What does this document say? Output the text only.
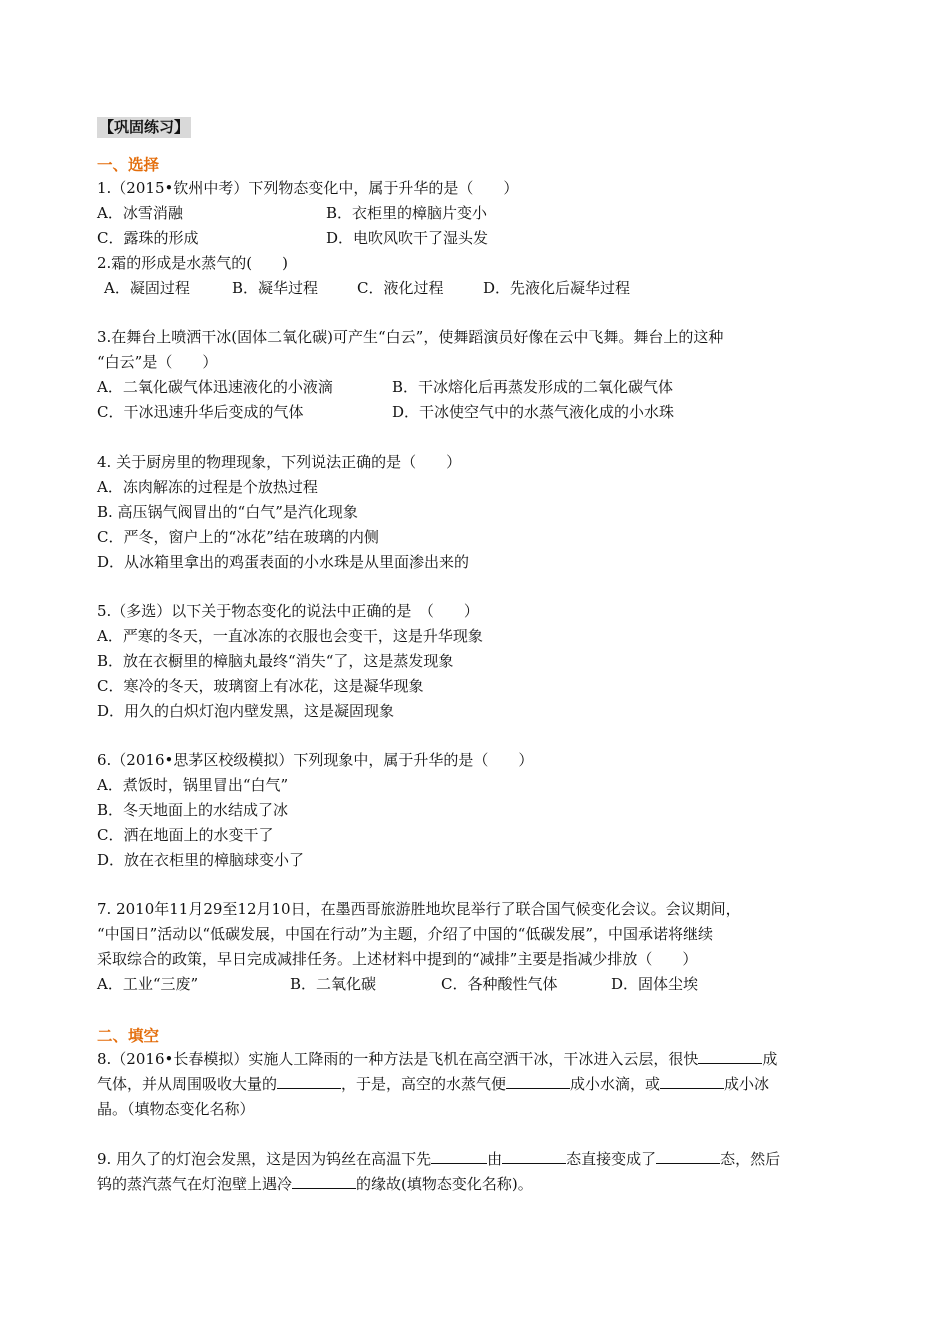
【巩固练习】
一、选择
1.（2015•钦州中考）下列物态变化中，属于升华的是（　　）
A．冰雪消融	B．衣柜里的樟脑片变小
C．露珠的形成	D．电吹风吹干了湿头发
2.霜的形成是水蒸气的(　　)
A．凝固过程	B．凝华过程	C．液化过程	D．先液化后凝华过程
3.在舞台上喷洒干冰(固体二氧化碳)可产生“白云”，使舞蹈演员好像在云中飞舞。舞台上的这种
“白云”是（　　）
A．二氧化碳气体迅速液化的小液滴	B．干冰熔化后再蒸发形成的二氧化碳气体
C．干冰迅速升华后变成的气体	D．干冰使空气中的水蒸气液化成的小水珠
4. 关于厨房里的物理现象，下列说法正确的是（　　）
A．冻肉解冻的过程是个放热过程
B. 高压锅气阀冒出的“白气”是汽化现象
C．严冬，窗户上的“冰花”结在玻璃的内侧
D．从冰箱里拿出的鸡蛋表面的小水珠是从里面渗出来的
5.（多选）以下关于物态变化的说法中正确的是　（　　）
A．严寒的冬天，一直冰冻的衣服也会变干，这是升华现象
B．放在衣橱里的樟脑丸最终“消失“了，这是蒸发现象
C．寒冷的冬天，玻璃窗上有冰花，这是凝华现象
D．用久的白炽灯泡内壁发黑，这是凝固现象
6.（2016•思茅区校级模拟）下列现象中，属于升华的是（　　）
A．煮饭时，锅里冒出“白气”
B．冬天地面上的水结成了冰
C．洒在地面上的水变干了
D．放在衣柜里的樟脑球变小了
7. 2010年11月29至12月10日，在墨西哥旅游胜地坎昆举行了联合国气候变化会议。会议期间，
“中国日”活动以“低碳发展，中国在行动”为主题，介绍了中国的“低碳发展”，中国承诺将继续
采取综合的政策，早日完成减排任务。上述材料中提到的“减排”主要是指减少排放（　　）
A．工业“三废”	B．二氧化碳	C．各种酸性气体	D．固体尘埃
二、填空
8.（2016•长春模拟）实施人工降雨的一种方法是飞机在高空洒干冰，干冰进入云层，很快	成
气体，并从周围吸收大量的	，于是，高空的水蒸气便	成小水滴，或	成小冰
晶。（填物态变化名称）
9. 用久了的灯泡会发黑，这是因为钨丝在高温下先	由	态直接变成了	态，然后
钨的蒸汽蒸气在灯泡壁上遇冷	的缘故(填物态变化名称)。
